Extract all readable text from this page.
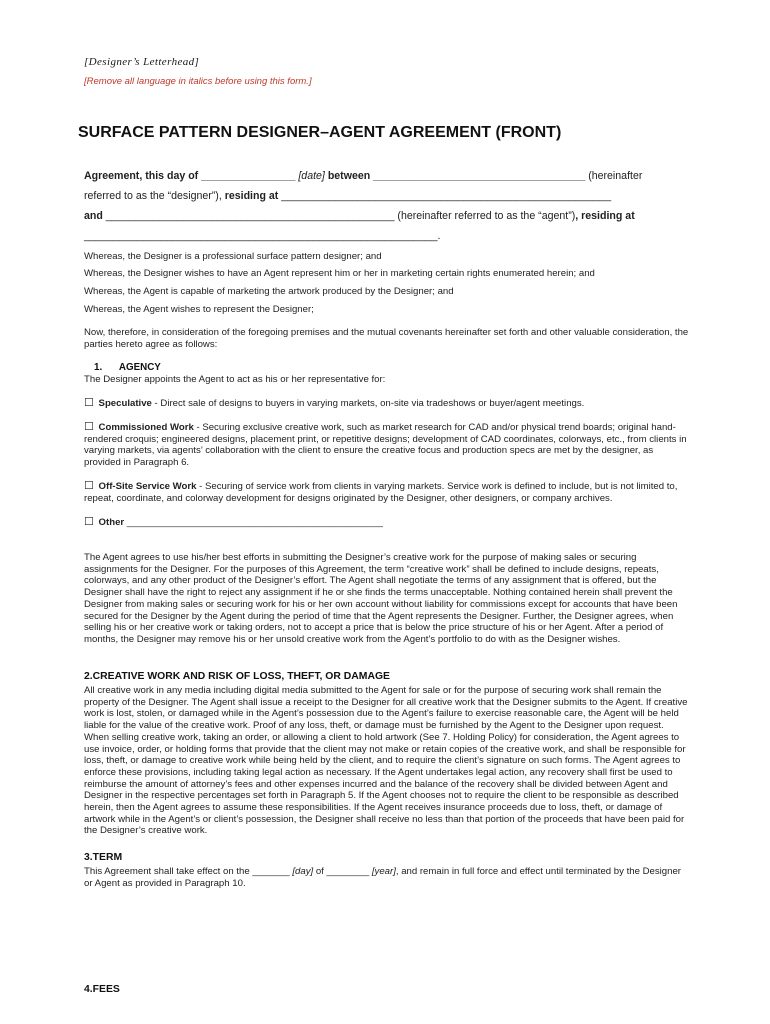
[Designer’s Letterhead]
[Remove all language in italics before using this form.]
SURFACE PATTERN DESIGNER–AGENT AGREEMENT (FRONT)
Agreement, this day of ________________ [date] between ____________________________________ (hereinafter
referred to as the “designer”), residing at ________________________________________________________
and _________________________________________________ (hereinafter referred to as the “agent”), residing at
____________________________________________________________.
Whereas, the Designer is a professional surface pattern designer; and
Whereas, the Designer wishes to have an Agent represent him or her in marketing certain rights enumerated herein; and
Whereas, the Agent is capable of marketing the artwork produced by the Designer; and
Whereas, the Agent wishes to represent the Designer;
Now, therefore, in consideration of the foregoing premises and the mutual covenants hereinafter set forth and other valuable consideration, the parties hereto agree as follows:
1. AGENCY
The Designer appoints the Agent to act as his or her representative for:
☐ Speculative - Direct sale of designs to buyers in varying markets, on-site via tradeshows or buyer/agent meetings.
☐ Commissioned Work - Securing exclusive creative work, such as market research for CAD and/or physical trend boards; original hand-rendered croquis; engineered designs, placement print, or repetitive designs; development of CAD coordinates, colorways, etc., from clients in varying markets, via agents’ collaboration with the client to ensure the creative focus and production specs are met by the designer, as provided in Paragraph 6.
☐ Off-Site Service Work - Securing of service work from clients in varying markets. Service work is defined to include, but is not limited to, repeat, coordinate, and colorway development for designs originated by the Designer, other designers, or company archives.
☐ Other ________________________________________________
The Agent agrees to use his/her best efforts in submitting the Designer’s creative work for the purpose of making sales or securing assignments for the Designer. For the purposes of this Agreement, the term “creative work” shall be defined to include designs, repeats, colorways, and any other product of the Designer’s effort. The Agent shall negotiate the terms of any assignment that is offered, but the Designer shall have the right to reject any assignment if he or she finds the terms unacceptable. Nothing contained herein shall prevent the Designer from making sales or securing work for his or her own account without liability for commissions except for accounts that have been secured for the Designer by the Agent during the period of time that the Agent represents the Designer. Further, the Designer agrees, when selling his or her creative work or taking orders, not to accept a price that is below the price structure of his or her Agent. After a period of months, the Designer may remove his or her unsold creative work from the Agent’s portfolio to do with as the Designer wishes.
2.CREATIVE WORK AND RISK OF LOSS, THEFT, OR DAMAGE
All creative work in any media including digital media submitted to the Agent for sale or for the purpose of securing work shall remain the property of the Designer. The Agent shall issue a receipt to the Designer for all creative work that the Designer submits to the Agent. If creative work is lost, stolen, or damaged while in the Agent’s possession due to the Agent’s failure to exercise reasonable care, the Agent will be held liable for the value of the creative work. Proof of any loss, theft, or damage must be furnished by the Agent to the Designer upon request. When selling creative work, taking an order, or allowing a client to hold artwork (See 7. Holding Policy) for consideration, the Agent agrees to use invoice, order, or holding forms that provide that the client may not make or retain copies of the creative work, and shall be responsible for loss, theft, or damage to creative work while being held by the client, and to require the client’s signature on such forms. The Agent agrees to enforce these provisions, including taking legal action as necessary. If the Agent undertakes legal action, any recovery shall first be used to reimburse the amount of attorney’s fees and other expenses incurred and the balance of the recovery shall be divided between Agent and Designer in the respective percentages set forth in Paragraph 5. If the Agent chooses not to require the client to be responsible as described herein, then the Agent agrees to assume these responsibilities. If the Agent receives insurance proceeds due to loss, theft, or damage of artwork while in the Agent’s or client’s possession, the Designer shall receive no less than that portion of the proceeds that have been paid for the Designer’s creative work.
3.TERM
This Agreement shall take effect on the _______ [day] of ________ [year], and remain in full force and effect until terminated by the Designer or Agent as provided in Paragraph 10.
4.FEES
